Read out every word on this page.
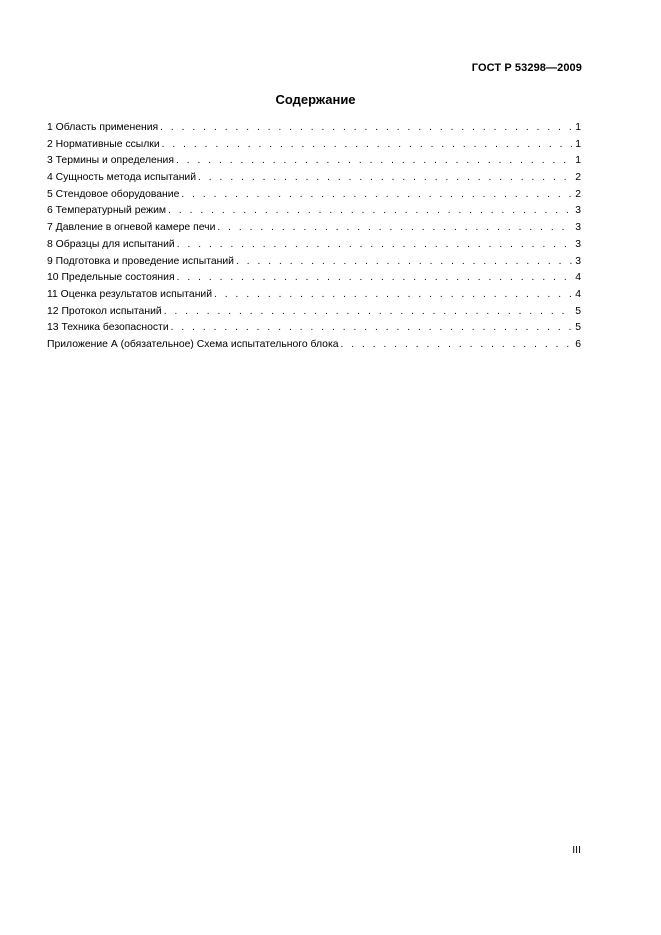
ГОСТ Р 53298—2009
Содержание
1 Область применения . . .	1
2 Нормативные ссылки . . .	1
3 Термины и определения . . .	1
4 Сущность метода испытаний . . .	2
5 Стендовое оборудование . . .	2
6 Температурный режим . . .	3
7 Давление в огневой камере печи . . .	3
8 Образцы для испытаний . . .	3
9 Подготовка и проведение испытаний . . .	3
10 Предельные состояния . . .	4
11 Оценка результатов испытаний . . .	4
12 Протокол испытаний . . .	5
13 Техника безопасности . . .	5
Приложение А (обязательное) Схема испытательного блока . . .	6
III
